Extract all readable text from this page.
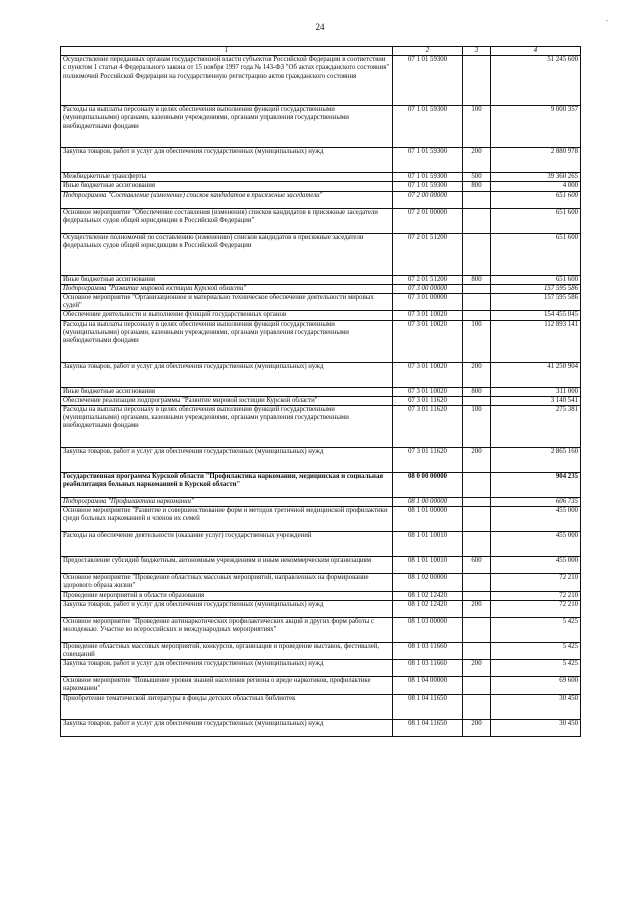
24
.
1	2	3	4
Осуществление переданных органам государственной власти субъектов Российской Федерации в соответствии с пунктом 1 статьи 4 Федерального закона от 15 ноября 1997 года № 143-ФЗ "Об актах гражданского состояния" полномочий Российской Федерации на государственную регистрацию актов гражданского состояния	07 1 01 59300		51 245 600
Расходы на выплаты персоналу в целях обеспечения выполнения функций государственными (муниципальными) органами, казенными учреждениями, органами управления государственными внебюджетными фондами	07 1 01 59300	100	9 000 357
Закупка товаров, работ и услуг для обеспечения государственных (муниципальных) нужд	07 1 01 59300	200	2 880 978
Межбюджетные трансферты	07 1 01 59300	500	39 360 265
Иные бюджетные ассигнования	07 1 01 59300	800	4 000
Подпрограмма "Составление (изменение) списков кандидатов в присяжные заседатели"	07 2 00 00000		651 600
Основное мероприятие "Обеспечение составления (изменения) списков кандидатов в присяжные заседатели федеральных судов общей юрисдикции в Российской Федерации"	07 2 01 00000		651 600
Осуществление полномочий по составлению (изменению) списков кандидатов в присяжные заседатели федеральных судов общей юрисдикции в Российской Федерации	07 2 01 51200		651 600
Иные бюджетные ассигнования	07 2 01 51200	800	651 600
Подпрограмма "Развитие мировой юстиции Курской области"	07 3 00 00000		157 595 586
Основное мероприятие "Организационное и материально техническое обеспечение деятельности мировых судей"	07 3 01 00000		157 595 586
Обеспечение деятельности и выполнение функций государственных органов	07 3 01 10020		154 455 045
Расходы на выплаты персоналу в целях обеспечения выполнения функций государственными (муниципальными) органами, казенными учреждениями, органами управления государственными внебюджетными фондами	07 3 01 10020	100	112 893 141
Закупка товаров, работ и услуг для обеспечения государственных (муниципальных) нужд	07 3 01 10020	200	41 250 904
Иные бюджетные ассигнования	07 3 01 10020	800	311 000
Обеспечение реализации подпрограммы "Развитие мировой юстиции Курской области"	07 3 01 11620		3 140 541
Расходы на выплаты персоналу в целях обеспечения выполнения функций государственными (муниципальными) органами, казенными учреждениями, органами управления государственными внебюджетными фондами	07 3 01 11620	100	275 381
Закупка товаров, работ и услуг для обеспечения государственных (муниципальных) нужд	07 3 01 11620	200	2 865 160
Государственная программа Курской области "Профилактика наркомании, медицинская и социальная реабилитация больных наркоманией в Курской области"	08 0 00 00000		904 235
Подпрограмма "Профилактика наркомании"	08 1 00 00000		606 735
Основное мероприятие "Развитие и совершенствование форм и методов третичной медицинской профилактики среди больных наркоманией и членов их семей	08 1 01 00000		455 000
Расходы на обеспечение деятельности (оказание услуг) государственных учреждений	08 1 01 10010		455 000
Предоставление субсидий бюджетным, автономным учреждениям и иным некоммерческим организациям	08 1 01 10010	600	455 000
Основное мероприятие "Проведение областных массовых мероприятий, направленных на формирование здорового образа жизни"	08 1 02 00000		72 210
Проведение мероприятий в области образования	08 1 02 12420		72 210
Закупка товаров, работ и услуг для обеспечения государственных (муниципальных) нужд	08 1 02 12420	200	72 210
Основное мероприятие "Проведение антинаркотических профилактических акций и других форм работы с молодежью. Участие во всероссийских и международных мероприятиях"	08 1 03 00000		5 425
Проведение областных массовых мероприятий, конкурсов, организация и проведение выставок, фестивалей, совещаний	08 1 03 11660		5 425
Закупка товаров, работ и услуг для обеспечения государственных (муниципальных) нужд	08 1 03 11660	200	5 425
Основное мероприятие "Повышение уровня знаний населения региона о вреде наркотиков, профилактике наркомании"	08 1 04 00000		69 600
Приобретение тематической литературы в фонды детских областных библиотек	08 1 04 11650		30 450
Закупка товаров, работ и услуг для обеспечения государственных (муниципальных) нужд	08 1 04 11650	200	30 450
